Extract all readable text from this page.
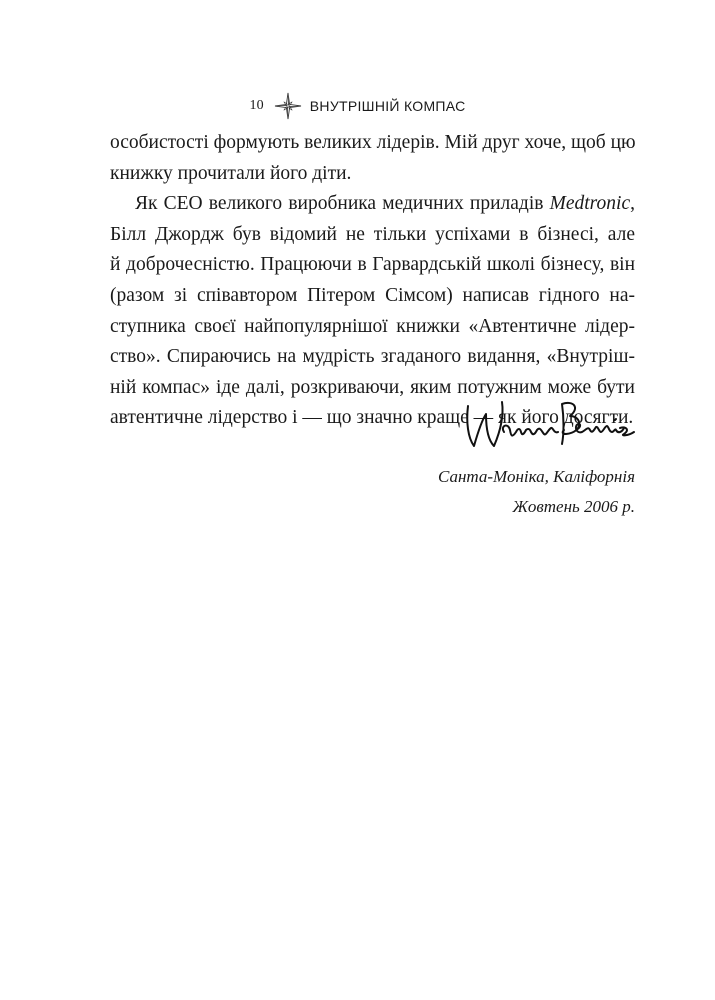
10	ВНУТРІШНІЙ КОМПАС
особистості формують великих лідерів. Мій друг хоче, щоб цю
книжку прочитали його діти.
Як CEO великого виробника медичних приладів Medtronic,
Білл Джордж був відомий не тільки успіхами в бізнесі, але
й доброчесністю. Працюючи в Гарвардській школі бізнесу, він
(разом зі співавтором Пітером Сімсом) написав гідного на-
ступника своєї найпопулярнішої книжки «Автентичне лідер-
ство». Спираючись на мудрість згаданого видання, «Внутріш-
ній компас» іде далі, розкриваючи, яким потужним може бути
автентичне лідерство і — що значно краще — як його досягти.
Санта-Моніка, Каліфорнія
Жовтень 2006 р.
